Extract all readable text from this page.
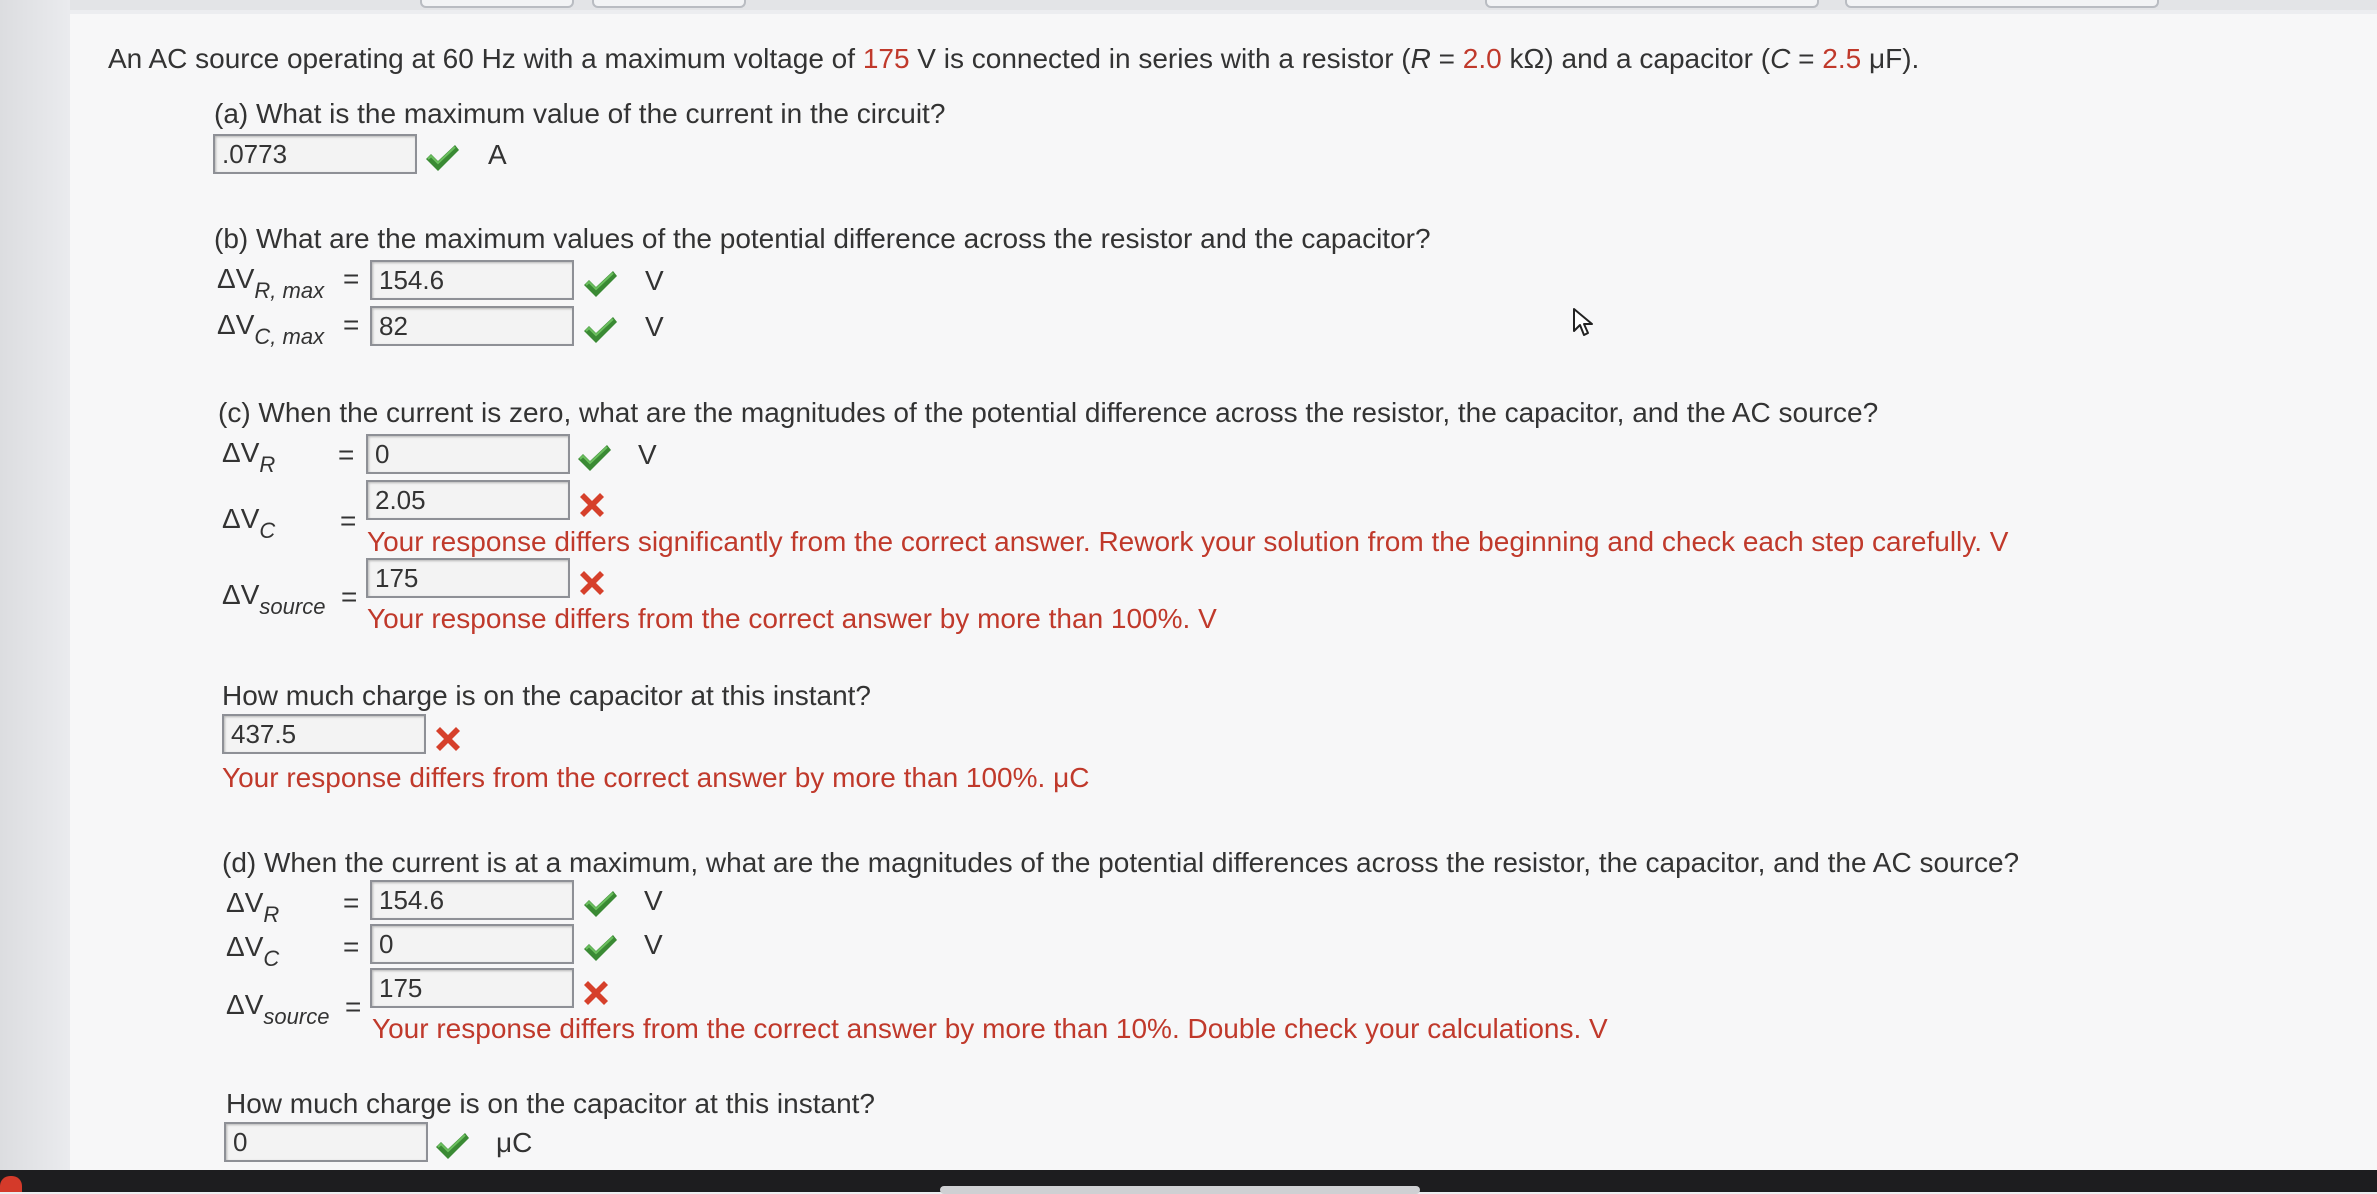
An AC source operating at 60 Hz with a maximum voltage of 175 V is connected in series with a resistor (R = 2.0 kΩ) and a capacitor (C = 2.5 μF).
(a) What is the maximum value of the current in the circuit?
.0773	A
(b) What are the maximum values of the potential difference across the resistor and the capacitor?
$\Delta V_{R, max} = 154.6$	V
$\Delta V_{C, max} = 82$	V
(c) When the current is zero, what are the magnitudes of the potential difference across the resistor, the capacitor, and the AC source?
$\Delta V_R = 0$	V
$\Delta V_C$ =
2.05
Your response differs significantly from the correct answer. Rework your solution from the beginning and check each step carefully. V
$\Delta V_{source}$ =
175
Your response differs from the correct answer by more than 100%. V
How much charge is on the capacitor at this instant?
437.5
Your response differs from the correct answer by more than 100%. μC
(d) When the current is at a maximum, what are the magnitudes of the potential differences across the resistor, the capacitor, and the AC source?
$\Delta V_R = 154.6$	V
$\Delta V_C = 0$	V
$\Delta V_{source}$ =
175
Your response differs from the correct answer by more than 10%. Double check your calculations. V
How much charge is on the capacitor at this instant?
0	μC
